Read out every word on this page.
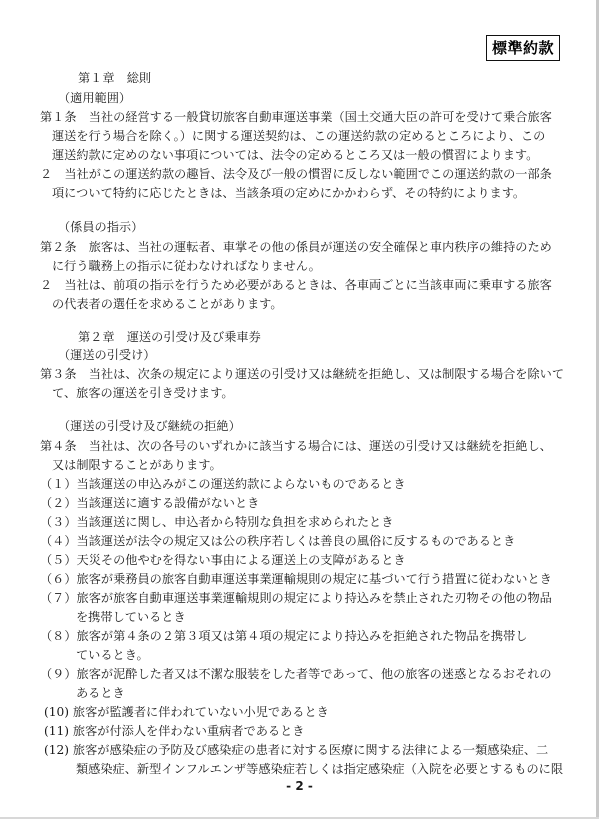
標準約款
第１章　総則
（適用範囲）
第１条　当社の経営する一般貸切旅客自動車運送事業（国土交通大臣の許可を受けて乗合旅客
運送を行う場合を除く。）に関する運送契約は、この運送約款の定めるところにより、この
運送約款に定めのない事項については、法令の定めるところ又は一般の慣習によります。
２　当社がこの運送約款の趣旨、法令及び一般の慣習に反しない範囲でこの運送約款の一部条
項について特約に応じたときは、当該条項の定めにかかわらず、その特約によります。
（係員の指示）
第２条　旅客は、当社の運転者、車掌その他の係員が運送の安全確保と車内秩序の維持のため
に行う職務上の指示に従わなければなりません。
２　当社は、前項の指示を行うため必要があるときは、各車両ごとに当該車両に乗車する旅客
の代表者の選任を求めることがあります。
第２章　運送の引受け及び乗車券
（運送の引受け）
第３条　当社は、次条の規定により運送の引受け又は継続を拒絶し、又は制限する場合を除いて
て、旅客の運送を引き受けます。
（運送の引受け及び継続の拒絶）
第４条　当社は、次の各号のいずれかに該当する場合には、運送の引受け又は継続を拒絶し、
又は制限することがあります。
（１）当該運送の申込みがこの運送約款によらないものであるとき
（２）当該運送に適する設備がないとき
（３）当該運送に関し、申込者から特別な負担を求められたとき
（４）当該運送が法令の規定又は公の秩序若しくは善良の風俗に反するものであるとき
（５）天災その他やむを得ない事由による運送上の支障があるとき
（６）旅客が乗務員の旅客自動車運送事業運輸規則の規定に基づいて行う措置に従わないとき
（７）旅客が旅客自動車運送事業運輸規則の規定により持込みを禁止された刃物その他の物品
を携帯しているとき
（８）旅客が第４条の２第３項又は第４項の規定により持込みを拒絶された物品を携帯し
ているとき。
（９）旅客が泥酔した者又は不潔な服装をした者等であって、他の旅客の迷惑となるおそれの
あるとき
(10) 旅客が監護者に伴われていない小児であるとき
(11) 旅客が付添人を伴わない重病者であるとき
(12) 旅客が感染症の予防及び感染症の患者に対する医療に関する法律による一類感染症、二
類感染症、新型インフルエンザ等感染症若しくは指定感染症（入院を必要とするものに限
- 2 -
